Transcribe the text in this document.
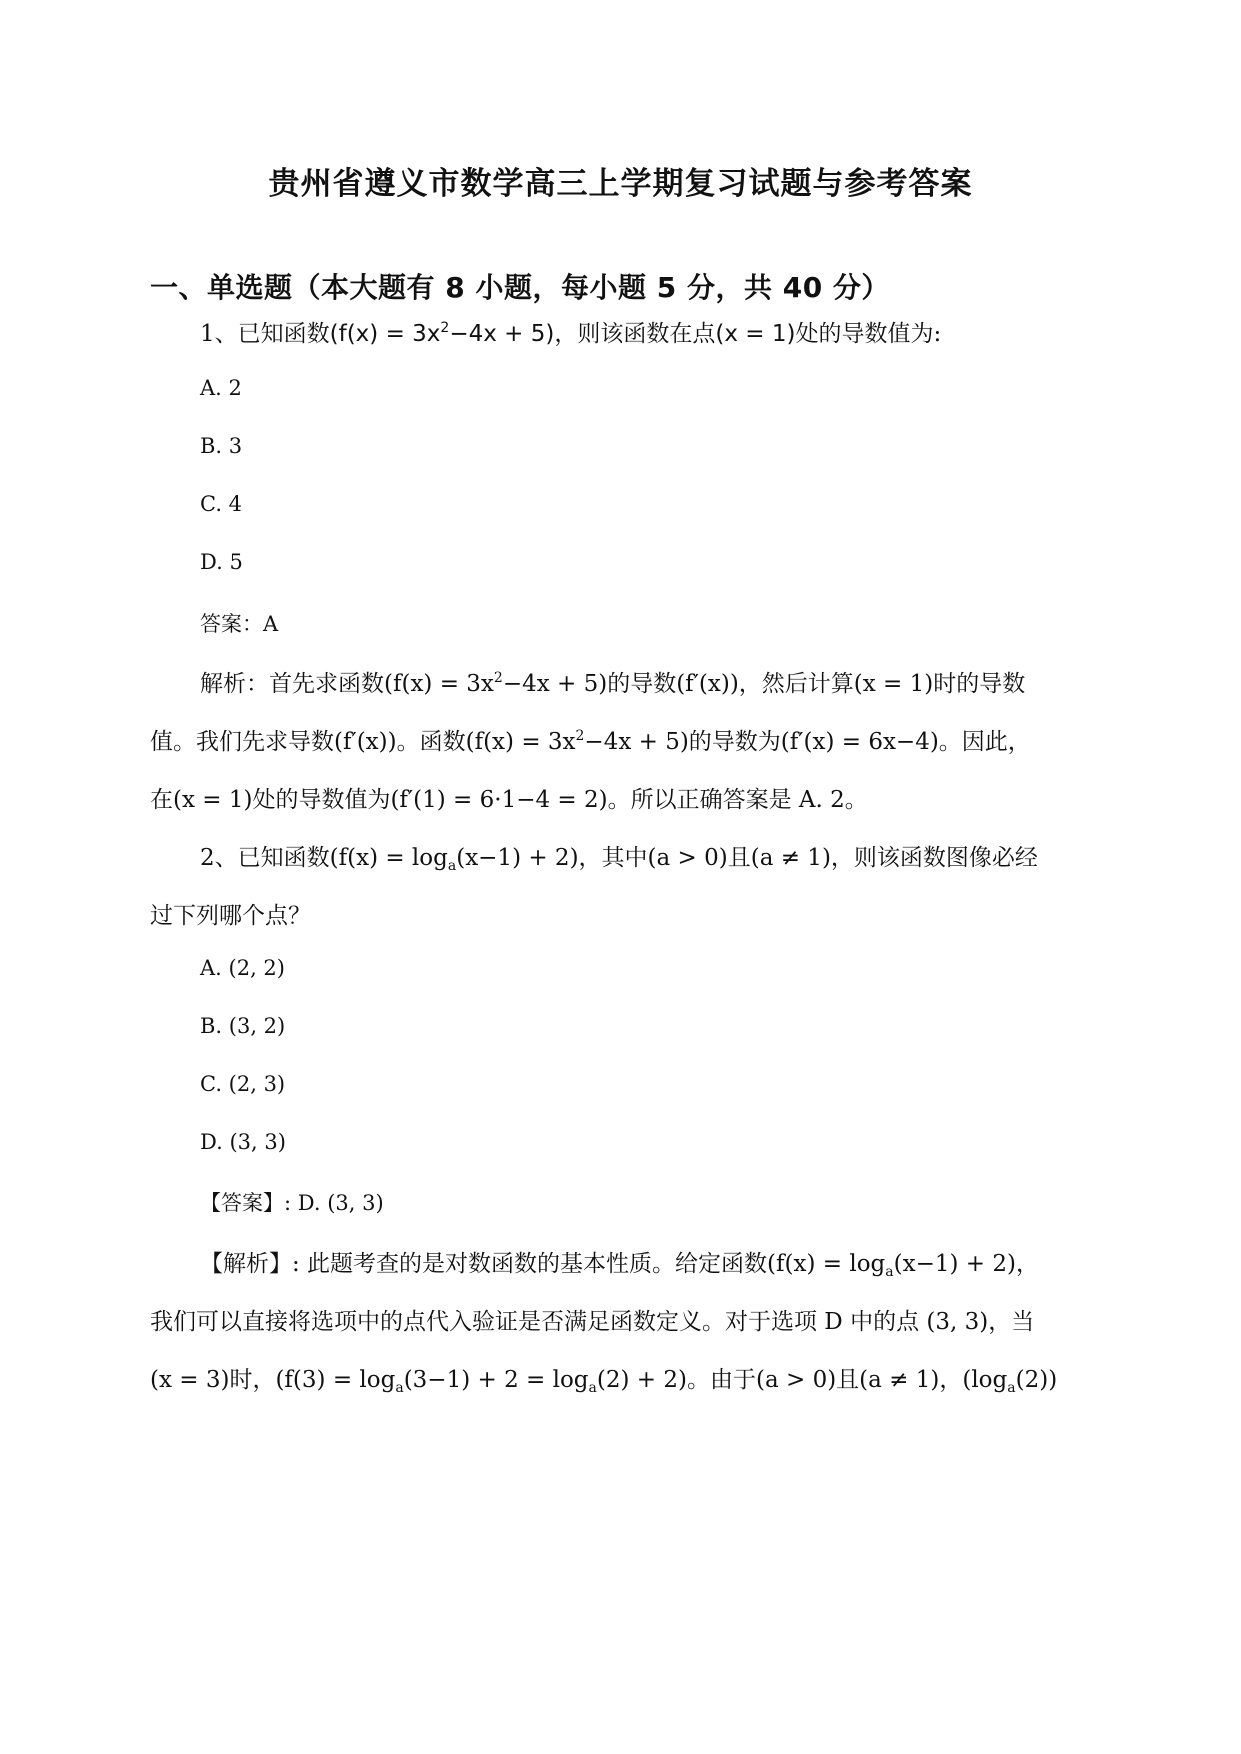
贵州省遵义市数学高三上学期复习试题与参考答案
一、单选题（本大题有 8 小题，每小题 5 分，共 40 分）
1、已知函数$(f(x) = 3x^2-4x + 5)$，则该函数在点(x = 1)处的导数值为:
A. 2
B. 3
C. 4
D. 5
答案：A
解析：首先求函数$(f(x) = 3x^2-4x + 5)$的导数(f′(x))，然后计算(x = 1)时的导数
值。我们先求导数(f′(x))。函数$(f(x) = 3x^2-4x + 5)$的导数为(f′(x) = 6x−4)。因此，
在(x = 1)处的导数值为(f′(1) = 6·1−4 = 2)。所以正确答案是 A. 2。
2、已知函数$(f(x) = \log_a(x-1) + 2)$，其中(a > 0)且(a ≠ 1)，则该函数图像必经
过下列哪个点？
A. (2, 2)
B. (3, 2)
C. (2, 3)
D. (3, 3)
【答案】: D. (3, 3)
【解析】: 此题考查的是对数函数的基本性质。给定函数$(f(x) = \log_a(x-1) + 2)$，
我们可以直接将选项中的点代入验证是否满足函数定义。对于选项 D 中的点 (3, 3)，当
(x = 3)时，$(f(3) = \log_a(3-1) + 2 = \log_a(2) + 2)$。由于(a > 0)且(a ≠ 1)，$(\log_a(2))$
